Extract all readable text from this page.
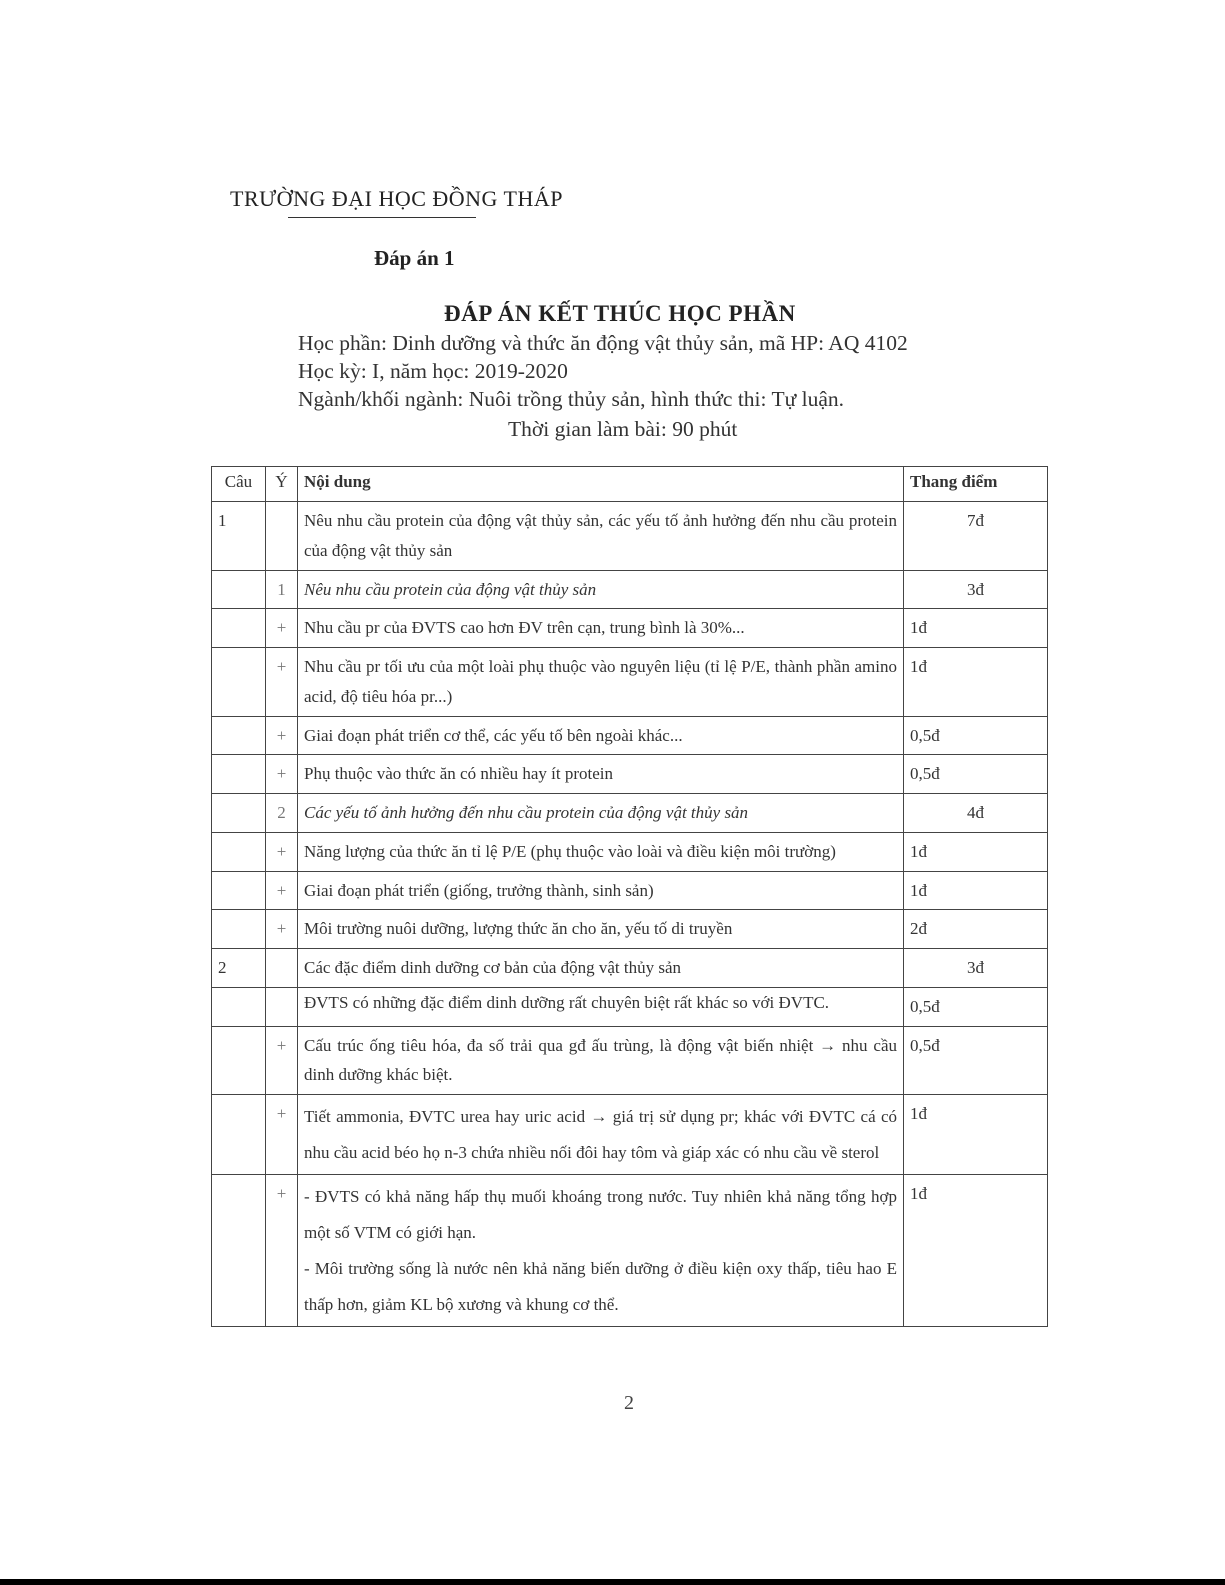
TRƯỜNG ĐẠI HỌC ĐỒNG THÁP
Đáp án 1
ĐÁP ÁN KẾT THÚC HỌC PHẦN
Học phần: Dinh dưỡng và thức ăn động vật thủy sản, mã HP: AQ 4102
Học kỳ: I, năm học: 2019-2020
Ngành/khối ngành: Nuôi trồng thủy sản, hình thức thi: Tự luận.
Thời gian làm bài: 90 phút
Câu	Ý	Nội dung	Thang điểm
1		Nêu nhu cầu protein của động vật thủy sản, các yếu tố ảnh hưởng đến nhu cầu protein của động vật thủy sản	7đ
	1	Nêu nhu cầu protein của động vật thủy sản	3đ
	+	Nhu cầu pr của ĐVTS cao hơn ĐV trên cạn, trung bình là 30%...	1đ
	+	Nhu cầu pr tối ưu của một loài phụ thuộc vào nguyên liệu (tỉ lệ P/E, thành phần amino acid, độ tiêu hóa pr...)	1đ
	+	Giai đoạn phát triển cơ thể, các yếu tố bên ngoài khác...	0,5đ
	+	Phụ thuộc vào thức ăn có nhiều hay ít protein	0,5đ
	2	Các yếu tố ảnh hưởng đến nhu cầu protein của động vật thủy sản	4đ
	+	Năng lượng của thức ăn tỉ lệ P/E (phụ thuộc vào loài và điều kiện môi trường)	1đ
	+	Giai đoạn phát triển (giống, trưởng thành, sinh sản)	1đ
	+	Môi trường nuôi dưỡng, lượng thức ăn cho ăn, yếu tố di truyền	2đ
2		Các đặc điểm dinh dưỡng cơ bản của động vật thủy sản	3đ
		ĐVTS có những đặc điểm dinh dưỡng rất chuyên biệt rất khác so với ĐVTC.	0,5đ
	+	Cấu trúc ống tiêu hóa, đa số trải qua gđ ấu trùng, là động vật biến nhiệt → nhu cầu dinh dưỡng khác biệt.	0,5đ
	+	Tiết ammonia, ĐVTC urea hay uric acid → giá trị sử dụng pr; khác với ĐVTC cá có nhu cầu acid béo họ n-3 chứa nhiều nối đôi hay tôm và giáp xác có nhu cầu về sterol	1đ
	+	- ĐVTS có khả năng hấp thụ muối khoáng trong nước. Tuy nhiên khả năng tổng hợp một số VTM có giới hạn.
- Môi trường sống là nước nên khả năng biến dưỡng ở điều kiện oxy thấp, tiêu hao E thấp hơn, giảm KL bộ xương và khung cơ thể.	1đ
2
